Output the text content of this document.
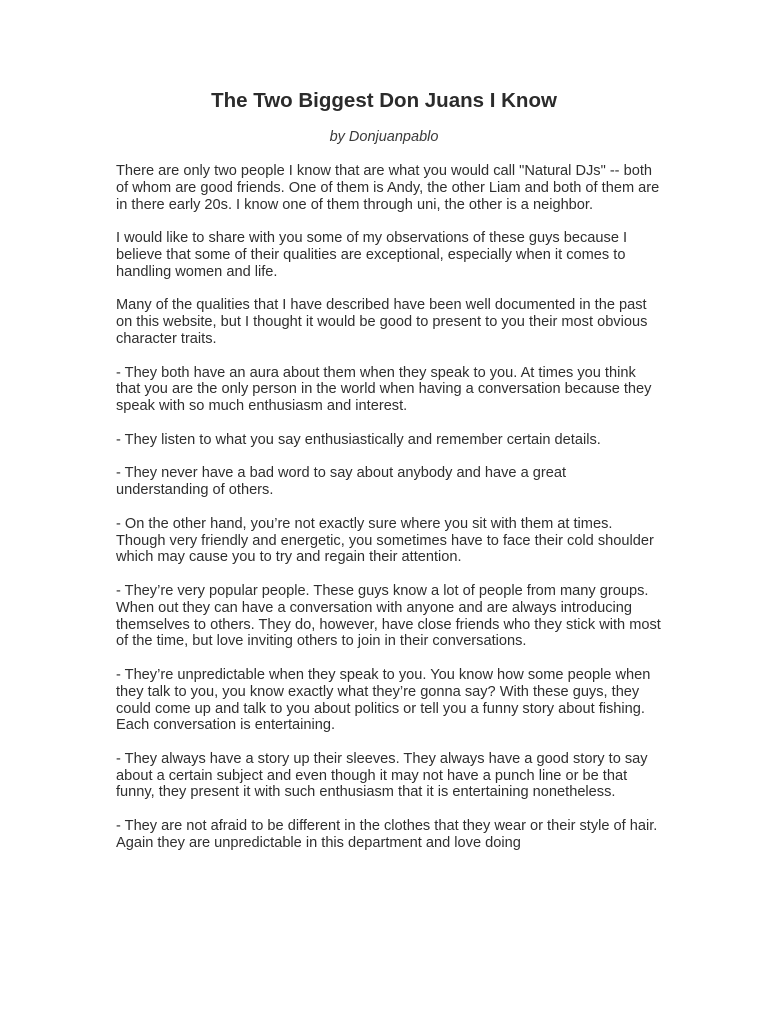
The Two Biggest Don Juans I Know
by Donjuanpablo

There are only two people I know that are what you would call "Natural DJs" -- both of whom are good friends. One of them is Andy, the other Liam and both of them are in there early 20s. I know one of them through uni, the other is a neighbor.

I would like to share with you some of my observations of these guys because I believe that some of their qualities are exceptional, especially when it comes to handling women and life.

Many of the qualities that I have described have been well documented in the past on this website, but I thought it would be good to present to you their most obvious character traits.

- They both have an aura about them when they speak to you. At times you think that you are the only person in the world when having a conversation because they speak with so much enthusiasm and interest.

- They listen to what you say enthusiastically and remember certain details.

- They never have a bad word to say about anybody and have a great understanding of others.

- On the other hand, you’re not exactly sure where you sit with them at times. Though very friendly and energetic, you sometimes have to face their cold shoulder which may cause you to try and regain their attention.

- They’re very popular people. These guys know a lot of people from many groups. When out they can have a conversation with anyone and are always introducing themselves to others. They do, however, have close friends who they stick with most of the time, but love inviting others to join in their conversations.

- They’re unpredictable when they speak to you. You know how some people when they talk to you, you know exactly what they’re gonna say? With these guys, they could come up and talk to you about politics or tell you a funny story about fishing. Each conversation is entertaining.

- They always have a story up their sleeves. They always have a good story to say about a certain subject and even though it may not have a punch line or be that funny, they present it with such enthusiasm that it is entertaining nonetheless.

- They are not afraid to be different in the clothes that they wear or their style of hair. Again they are unpredictable in this department and love doing
